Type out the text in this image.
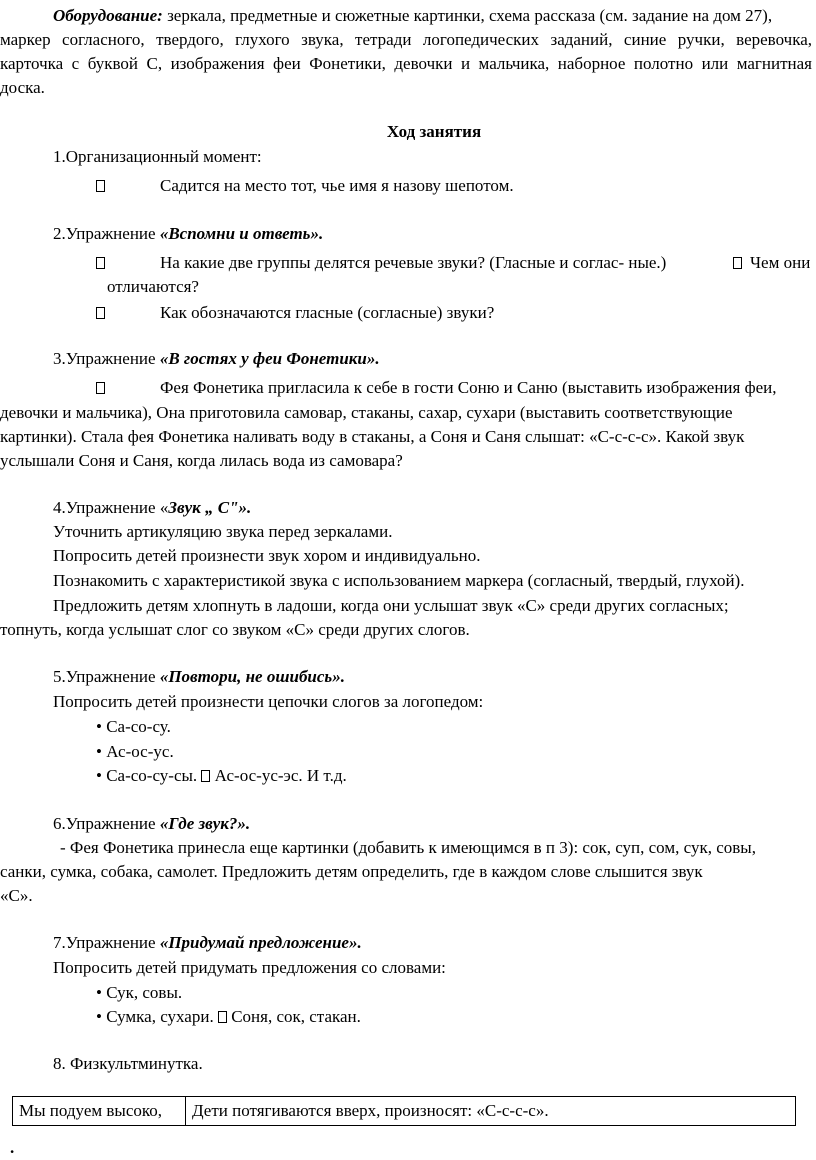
Оборудование: зеркала, предметные и сюжетные картинки, схема рассказа (см. задание на дом 27),
маркер согласного, твердого, глухого звука, тетради логопедических заданий, синие ручки, веревочка,
карточка с буквой С, изображения феи Фонетики, девочки и мальчика, наборное полотно или магнитная
доска.
Ход занятия
1.Организационный момент:
Садится на место тот, чье имя я назову шепотом.
2.Упражнение «Вспомни и ответь».
На какие две группы делятся речевые звуки? (Гласные и соглас- ные.)	Чем они
отличаются?
Как обозначаются гласные (согласные) звуки?
3.Упражнение «В гостях у феи Фонетики».
Фея Фонетика пригласила к себе в гости Соню и Саню (выставить изображения феи,
девочки и мальчика), Она приготовила самовар, стаканы, сахар, сухари (выставить соответствующие
картинки). Стала фея Фонетика наливать воду в стаканы, а Соня и Саня слышат: «С-с-с-с». Какой звук
услышали Соня и Саня, когда лилась вода из самовара?
4.Упражнение «Звук „ С"».
Уточнить артикуляцию звука перед зеркалами.
Попросить детей произнести звук хором и индивидуально.
Познакомить с характеристикой звука с использованием маркера (согласный, твердый, глухой).
Предложить детям хлопнуть в ладоши, когда они услышат звук «С» среди других согласных;
топнуть, когда услышат слог со звуком «С» среди других слогов.
5.Упражнение «Повтори, не ошибись».
Попросить детей произнести цепочки слогов за логопедом:
• Са-со-су.
• Ас-ос-ус.
• Са-со-су-сы. Ас-ос-ус-эс. И т.д.
6.Упражнение «Где звук?».
- Фея Фонетика принесла еще картинки (добавить к имеющимся в п 3): сок, суп, сом, сук, совы,
санки, сумка, собака, самолет. Предложить детям определить, где в каждом слове слышится звук
«С».
7.Упражнение «Придумай предложение».
Попросить детей придумать предложения со словами:
• Сук, совы.
• Сумка, сухари. Соня, сок, стакан.
8. Физкультминутка.
Мы подуем высоко,	Дети потягиваются вверх, произносят: «С-с-с-с».
.
